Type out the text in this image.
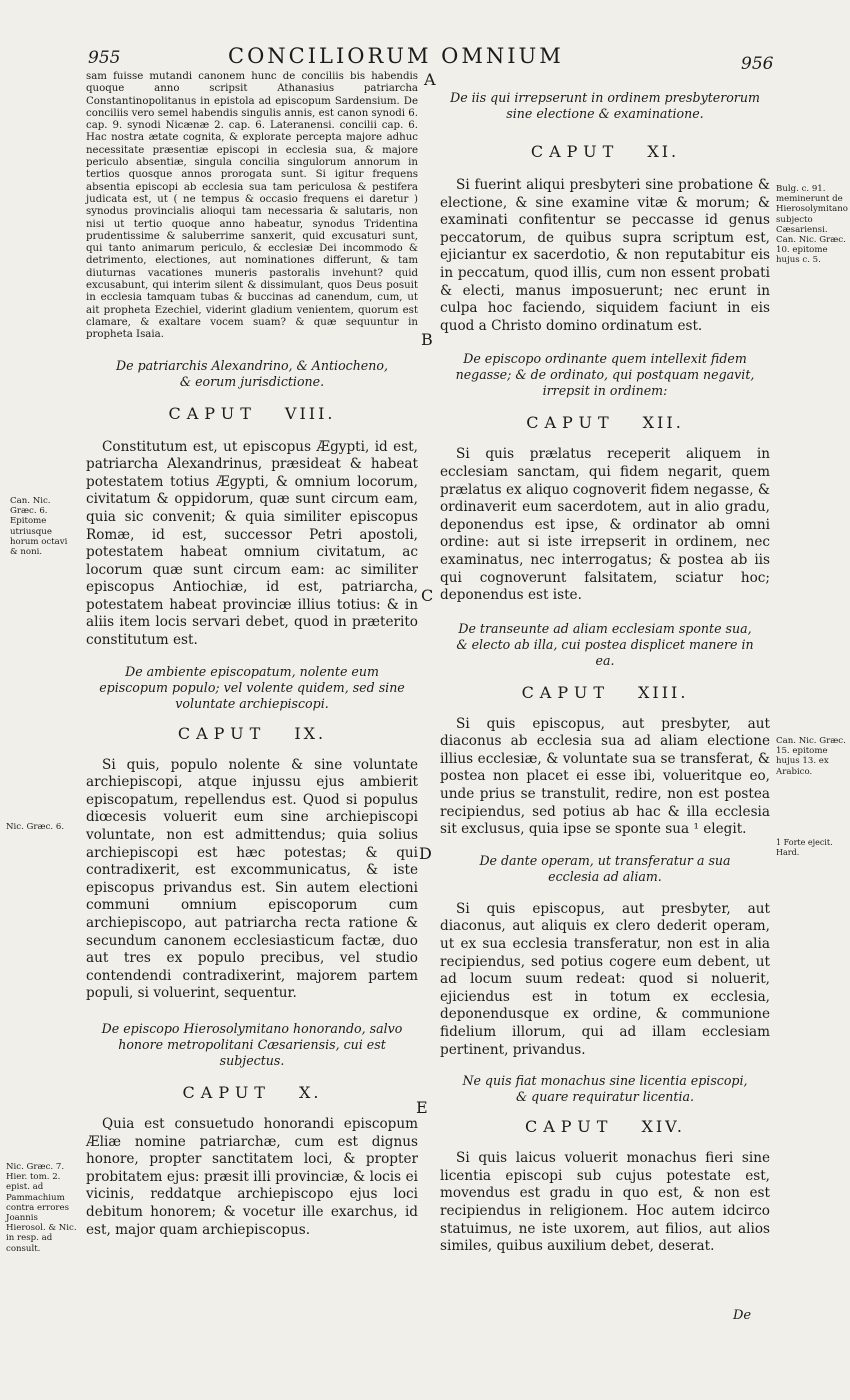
955	CONCILIORUM OMNIUM	956
A
B
C
D
E

sam fuisse mutandi canonem hunc de conciliis bis habendis quoque anno scripsit Athanasius patriarcha Constantinopolitanus in epistola ad episcopum Sardensium. De conciliis vero semel habendis singulis annis, est canon synodi 6. cap. 9. synodi Nicænæ 2. cap. 6. Lateranensi. concilii cap. 6. Hac nostra ætate cognita, & explorate percepta majore adhuc necessitate præsentiæ episcopi in ecclesia sua, & majore periculo absentiæ, singula concilia singulorum annorum in tertios quosque annos prorogata sunt. Si igitur frequens absentia episcopi ab ecclesia sua tam periculosa & pestifera judicata est, ut ( ne tempus & occasio frequens ei daretur ) synodus provincialis alioqui tam necessaria & salutaris, non nisi ut tertio quoque anno habeatur, synodus Tridentina prudentissime & saluberrime sanxerit, quid excusaturi sunt, qui tanto animarum periculo, & ecclesiæ Dei incommodo & detrimento, electiones, aut nominationes differunt, & tam diuturnas vacationes muneris pastoralis invehunt? quid excusabunt, qui interim silent & dissimulant, quos Deus posuit in ecclesia tamquam tubas & buccinas ad canendum, cum, ut ait propheta Ezechiel, viderint gladium venientem, quorum est clamare, & exaltare vocem suam? & quæ sequuntur in propheta Isaia.

De patriarchis Alexandrino, & Antiocheno, & eorum jurisdictione.

CAPUT VIII.

Constitutum est, ut episcopus Ægypti, id est, patriarcha Alexandrinus, præsideat & habeat potestatem totius Ægypti, & omnium locorum, civitatum & oppidorum, quæ sunt circum eam, quia sic convenit; & quia similiter episcopus Romæ, id est, successor Petri apostoli, potestatem habeat omnium civitatum, ac locorum quæ sunt circum eam: ac similiter episcopus Antiochiæ, id est, patriarcha, potestatem habeat provinciæ illius totius: & in aliis item locis servari debet, quod in præterito constitutum est.

De ambiente episcopatum, nolente eum episcopum populo; vel volente quidem, sed sine voluntate archiepiscopi.

CAPUT IX.

Si quis, populo nolente & sine voluntate archiepiscopi, atque injussu ejus ambierit episcopatum, repellendus est. Quod si populus diœcesis voluerit eum sine archiepiscopi voluntate, non est admittendus; quia solius archiepiscopi est hæc potestas; & qui contradixerit, est excommunicatus, & iste episcopus privandus est. Sin autem electioni communi omnium episcoporum cum archiepiscopo, aut patriarcha recta ratione & secundum canonem ecclesiasticum factæ, duo aut tres ex populo precibus, vel studio contendendi contradixerint, majorem partem populi, si voluerint, sequentur.

De episcopo Hierosolymitano honorando, salvo honore metropolitani Cæsariensis, cui est subjectus.

CAPUT X.

Quia est consuetudo honorandi episcopum Æliæ nomine patriarchæ, cum est dignus honore, propter sanctitatem loci, & propter probitatem ejus: præsit illi provinciæ, & locis ei vicinis, reddatque archiepiscopo ejus loci debitum honorem; & vocetur ille exarchus, id est, major quam archiepiscopus.

De iis qui irrepserunt in ordinem presbyterorum sine electione & examinatione.

CAPUT XI.

Si fuerint aliqui presbyteri sine probatione & electione, & sine examine vitæ & morum; & examinati confitentur se peccasse id genus peccatorum, de quibus supra scriptum est, ejiciantur ex sacerdotio, & non reputabitur eis in peccatum, quod illis, cum non essent probati & electi, manus imposuerunt; nec erunt in culpa hoc faciendo, siquidem faciunt in eis quod a Christo domino ordinatum est.

De episcopo ordinante quem intellexit fidem negasse; & de ordinato, qui postquam negavit, irrepsit in ordinem:

CAPUT XII.

Si quis prælatus receperit aliquem in ecclesiam sanctam, qui fidem negarit, quem prælatus ex aliquo cognoverit fidem negasse, & ordinaverit eum sacerdotem, aut in alio gradu, deponendus est ipse, & ordinator ab omni ordine: aut si iste irrepserit in ordinem, nec examinatus, nec interrogatus; & postea ab iis qui cognoverunt falsitatem, sciatur hoc; deponendus est iste.

De transeunte ad aliam ecclesiam sponte sua, & electo ab illa, cui postea displicet manere in ea.

CAPUT XIII.

Si quis episcopus, aut presbyter, aut diaconus ab ecclesia sua ad aliam electione illius ecclesiæ, & voluntate sua se transferat, & postea non placet ei esse ibi, volueritque eo, unde prius se transtulit, redire, non est postea recipiendus, sed potius ab hac & illa ecclesia sit exclusus, quia ipse se sponte sua ¹ elegit.

De dante operam, ut transferatur a sua ecclesia ad aliam.

Si quis episcopus, aut presbyter, aut diaconus, aut aliquis ex clero dederit operam, ut ex sua ecclesia transferatur, non est in alia recipiendus, sed potius cogere eum debent, ut ad locum suum redeat: quod si noluerit, ejiciendus est in totum ex ecclesia, deponendusque ex ordine, & communione fidelium illorum, qui ad illam ecclesiam pertinent, privandus.

Ne quis fiat monachus sine licentia episcopi, & quare requiratur licentia.

CAPUT XIV.

Si quis laicus voluerit monachus fieri sine licentia episcopi sub cujus potestate est, movendus est gradu in quo est, & non est recipiendus in religionem. Hoc autem idcirco statuimus, ne iste uxorem, aut filios, aut alios similes, quibus auxilium debet, deserat.

De
Can. Nic. Græc. 6. Epitome utriusque horum octavi & noni.
Nic. Græc. 6.
Nic. Græc. 7. Hier. tom. 2. epist. ad Pammachium contra errores Joannis Hierosol. & Nic. in resp. ad consult.
Bulg. c. 91. meminerunt de Hierosolymitano subjecto Cæsariensi. Can. Nic. Græc. 10. epitome hujus c. 5.
Can. Nic. Græc. 15. epitome hujus 13. ex Arabico.
1 Forte ejecit. Hard.
